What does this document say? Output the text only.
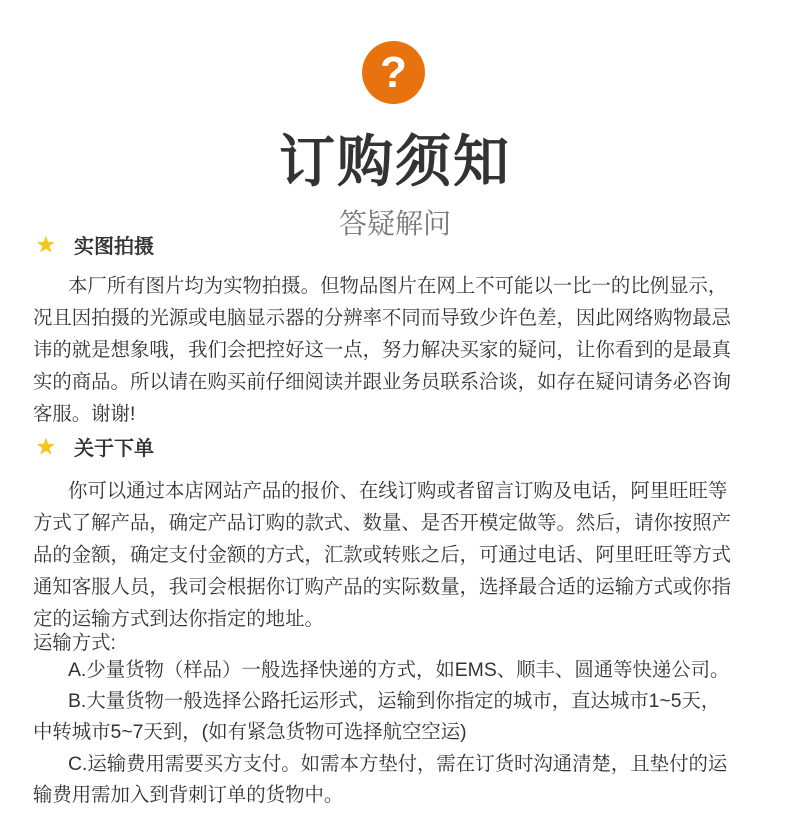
?
订购须知
答疑解问
★ 实图拍摄
本厂所有图片均为实物拍摄。但物品图片在网上不可能以一比一的比例显示，
况且因拍摄的光源或电脑显示器的分辨率不同而导致少许色差，因此网络购物最忌
讳的就是想象哦，我们会把控好这一点，努力解决买家的疑问，让你看到的是最真
实的商品。所以请在购买前仔细阅读并跟业务员联系洽谈，如存在疑问请务必咨询
客服。谢谢!
★ 关于下单
你可以通过本店网站产品的报价、在线订购或者留言订购及电话，阿里旺旺等
方式了解产品，确定产品订购的款式、数量、是否开模定做等。然后，请你按照产
品的金额，确定支付金额的方式，汇款或转账之后，可通过电话、阿里旺旺等方式
通知客服人员，我司会根据你订购产品的实际数量，选择最合适的运输方式或你指
定的运输方式到达你指定的地址。
运输方式:
A.少量货物（样品）一般选择快递的方式，如EMS、顺丰、圆通等快递公司。
B.大量货物一般选择公路托运形式，运输到你指定的城市，直达城市1~5天，
中转城市5~7天到，(如有紧急货物可选择航空空运)
C.运输费用需要买方支付。如需本方垫付，需在订货时沟通清楚，且垫付的运
输费用需加入到背刺订单的货物中。
